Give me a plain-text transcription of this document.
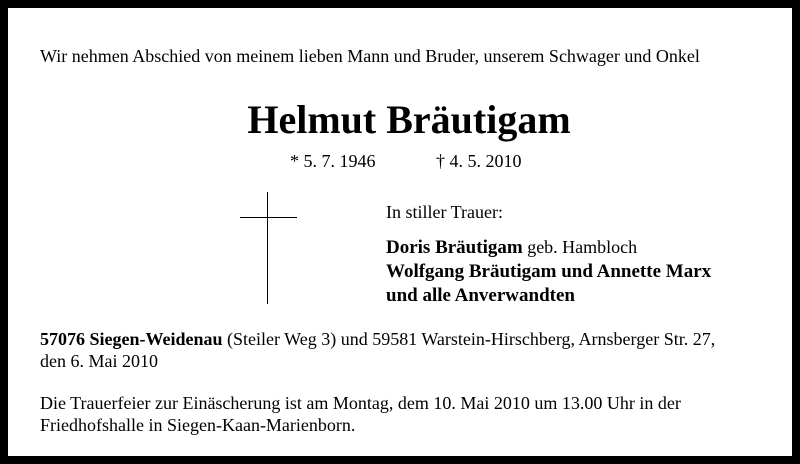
Wir nehmen Abschied von meinem lieben Mann und Bruder, unserem Schwager und Onkel
Helmut Bräutigam
* 5. 7. 1946	† 4. 5. 2010
In stiller Trauer:
Doris Bräutigam geb. Hambloch
Wolfgang Bräutigam und Annette Marx
und alle Anverwandten
57076 Siegen-Weidenau (Steiler Weg 3) und 59581 Warstein-Hirschberg, Arnsberger Str. 27,
den 6. Mai 2010
Die Trauerfeier zur Einäscherung ist am Montag, dem 10. Mai 2010 um 13.00 Uhr in der
Friedhofshalle in Siegen-Kaan-Marienborn.
